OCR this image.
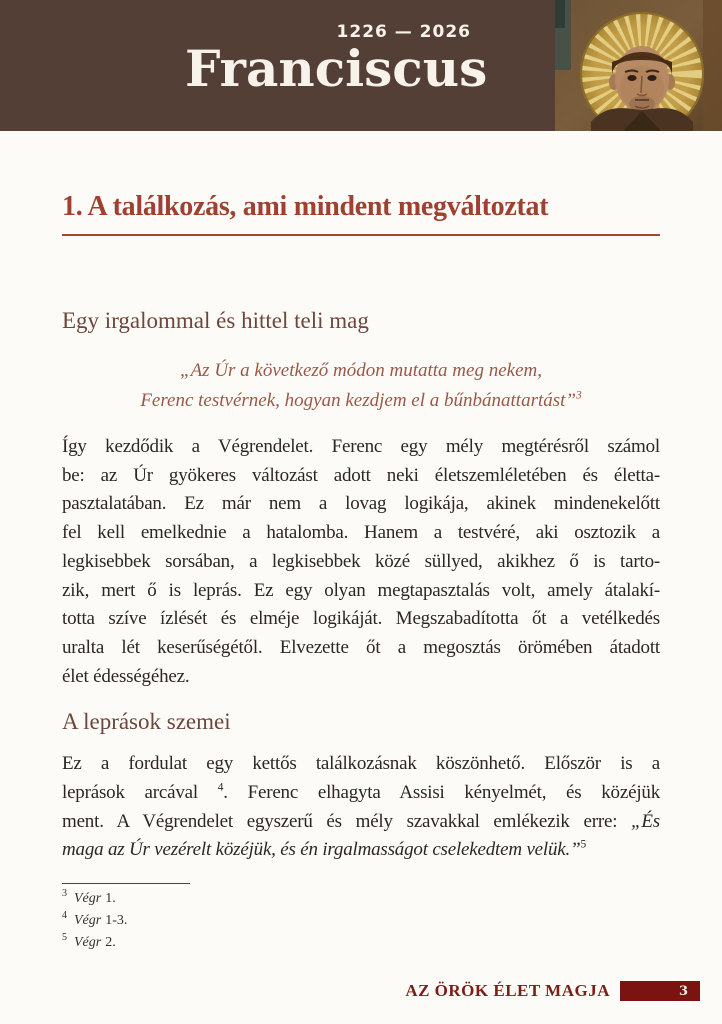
1226 — 2026
Franciscus
1. A találkozás, ami mindent megváltoztat
Egy irgalommal és hittel teli mag
„Az Úr a következő módon mutatta meg nekem,
Ferenc testvérnek, hogyan kezdjem el a bűnbánattartást”$^3$
Így kezdődik a Végrendelet. Ferenc egy mély megtérésről számol
be: az Úr gyökeres változást adott neki életszemléletében és életta-
pasztalatában. Ez már nem a lovag logikája, akinek mindenekelőtt
fel kell emelkednie a hatalomba. Hanem a testvéré, aki osztozik a
legkisebbek sorsában, a legkisebbek közé süllyed, akikhez ő is tarto-
zik, mert ő is leprás. Ez egy olyan megtapasztalás volt, amely átalakí-
totta szíve ízlését és elméje logikáját. Megszabadította őt a vetélkedés
uralta lét keserűségétől. Elvezette őt a megosztás örömében átadott
élet édességéhez.
A leprások szemei
Ez a fordulat egy kettős találkozásnak köszönhető. Először is a
leprások arcával $^4$. Ferenc elhagyta Assisi kényelmét, és közéjük
ment. A Végrendelet egyszerű és mély szavakkal emlékezik erre: „És
maga az Úr vezérelt közéjük, és én irgalmasságot cselekedtem velük.”$^5$
$^3$ Végr 1.
$^4$ Végr 1-3.
$^5$ Végr 2.
AZ ÖRÖK ÉLET MAGJA	3
